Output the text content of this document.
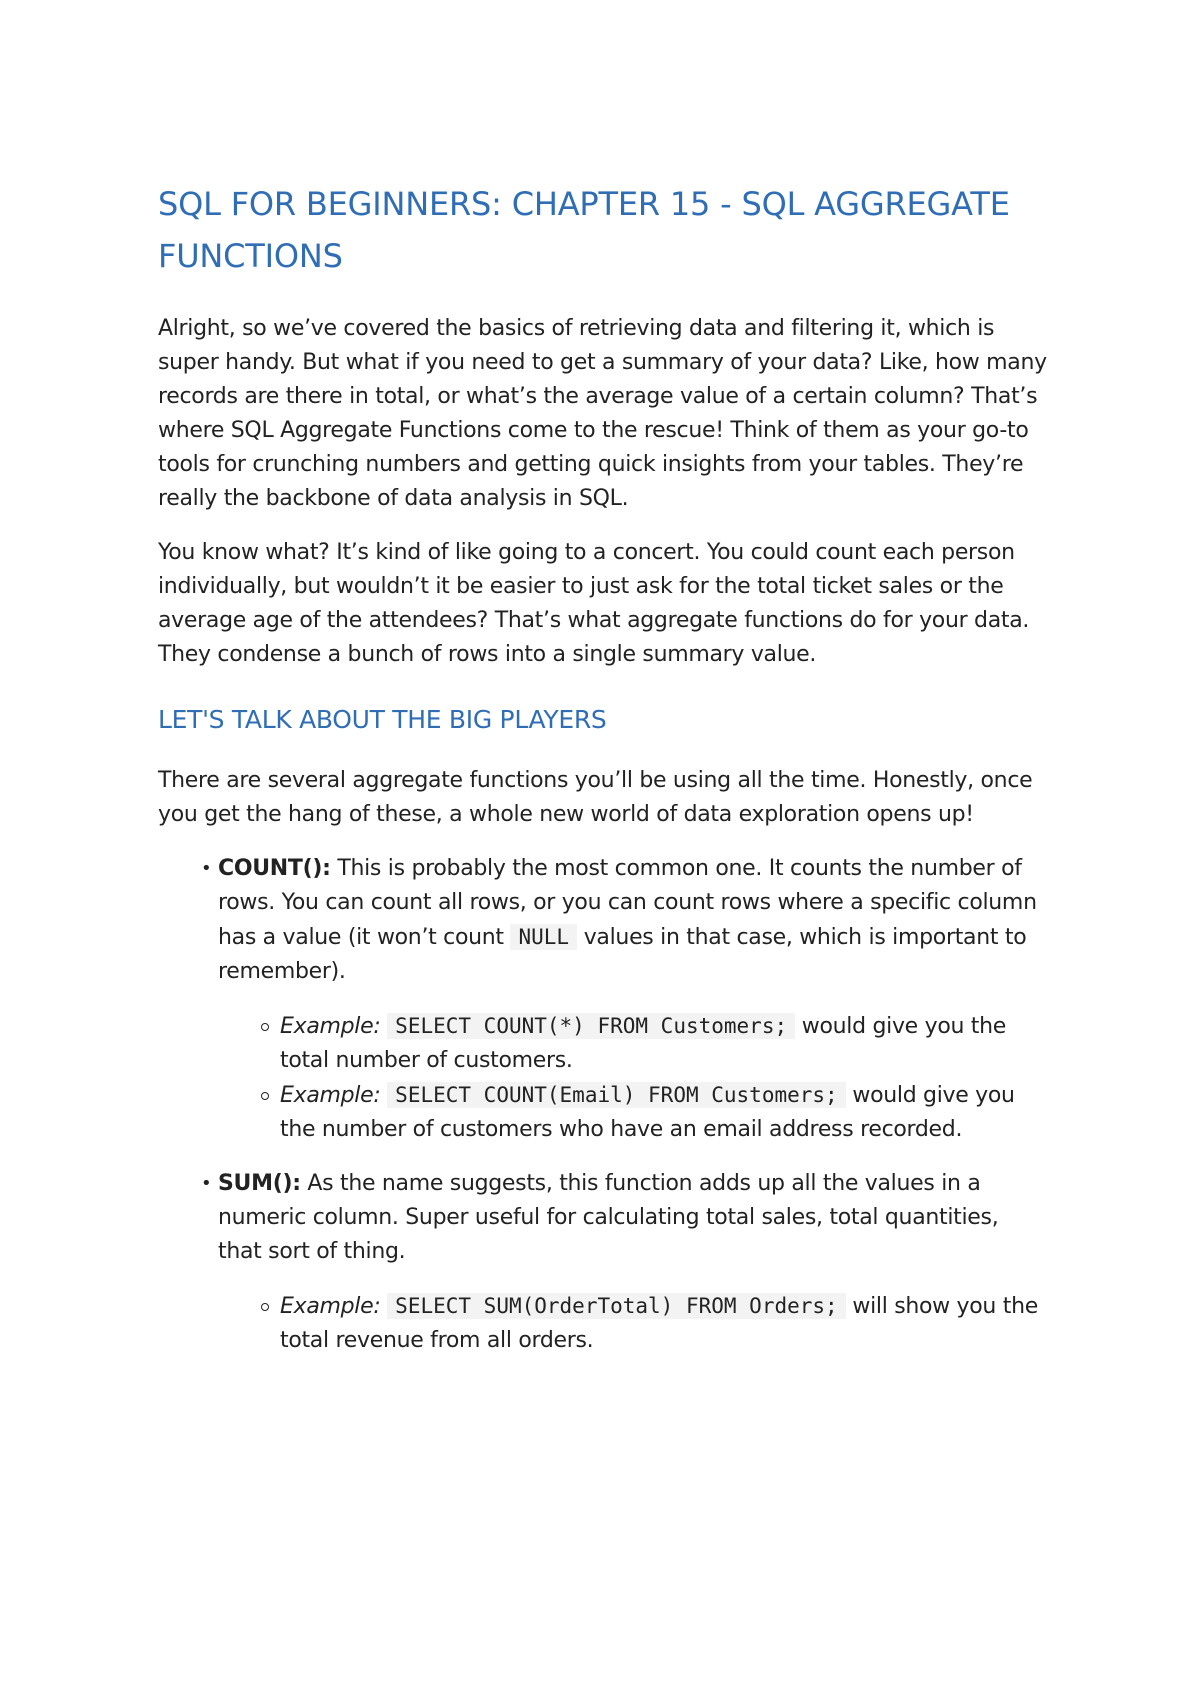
SQL FOR BEGINNERS: CHAPTER 15 - SQL AGGREGATE FUNCTIONS

Alright, so we’ve covered the basics of retrieving data and filtering it, which is super handy. But what if you need to get a summary of your data? Like, how many records are there in total, or what’s the average value of a certain column? That’s where SQL Aggregate Functions come to the rescue! Think of them as your go-to tools for crunching numbers and getting quick insights from your tables. They’re really the backbone of data analysis in SQL.

You know what? It’s kind of like going to a concert. You could count each person individually, but wouldn’t it be easier to just ask for the total ticket sales or the average age of the attendees? That’s what aggregate functions do for your data. They condense a bunch of rows into a single summary value.

LET'S TALK ABOUT THE BIG PLAYERS

There are several aggregate functions you’ll be using all the time. Honestly, once you get the hang of these, a whole new world of data exploration opens up!

• COUNT(): This is probably the most common one. It counts the number of rows. You can count all rows, or you can count rows where a specific column has a value (it won’t count NULL values in that case, which is important to remember).
Example: SELECT COUNT(*) FROM Customers; would give you the total number of customers.
Example: SELECT COUNT(Email) FROM Customers; would give you the number of customers who have an email address recorded.
• SUM(): As the name suggests, this function adds up all the values in a numeric column. Super useful for calculating total sales, total quantities, that sort of thing.
Example: SELECT SUM(OrderTotal) FROM Orders; will show you the total revenue from all orders.
